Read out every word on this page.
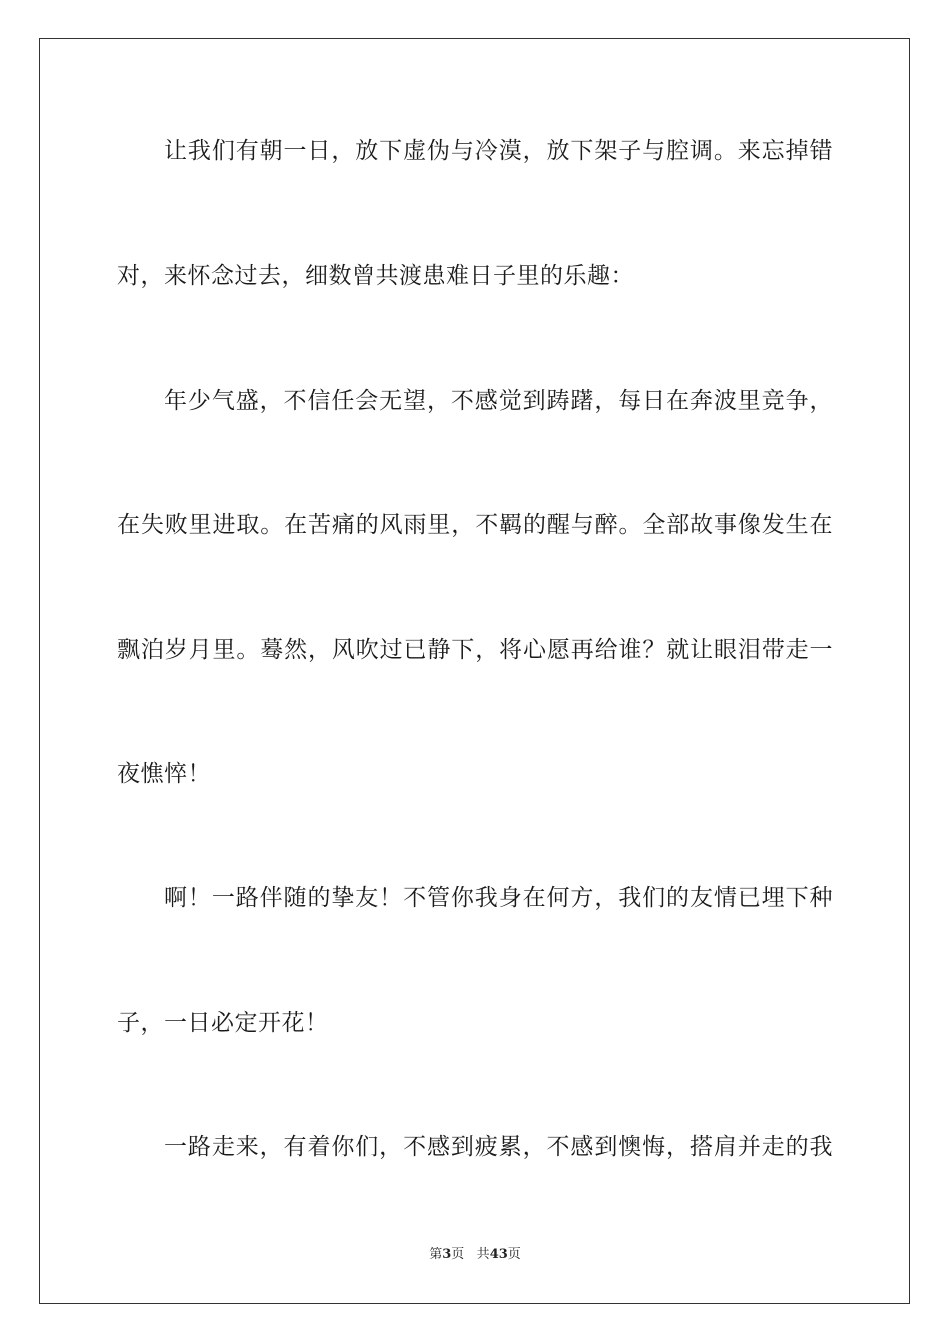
让我们有朝一日，放下虚伪与冷漠，放下架子与腔调。来忘掉错
对，来怀念过去，细数曾共渡患难日子里的乐趣：
年少气盛，不信任会无望，不感觉到踌躇，每日在奔波里竞争，
在失败里进取。在苦痛的风雨里，不羁的醒与醉。全部故事像发生在
飘泊岁月里。蓦然，风吹过已静下，将心愿再给谁？就让眼泪带走一
夜憔悴！
啊！一路伴随的挚友！不管你我身在何方，我们的友情已埋下种
子，一日必定开花！
一路走来，有着你们，不感到疲累，不感到懊悔，搭肩并走的我
第3页 共43页
